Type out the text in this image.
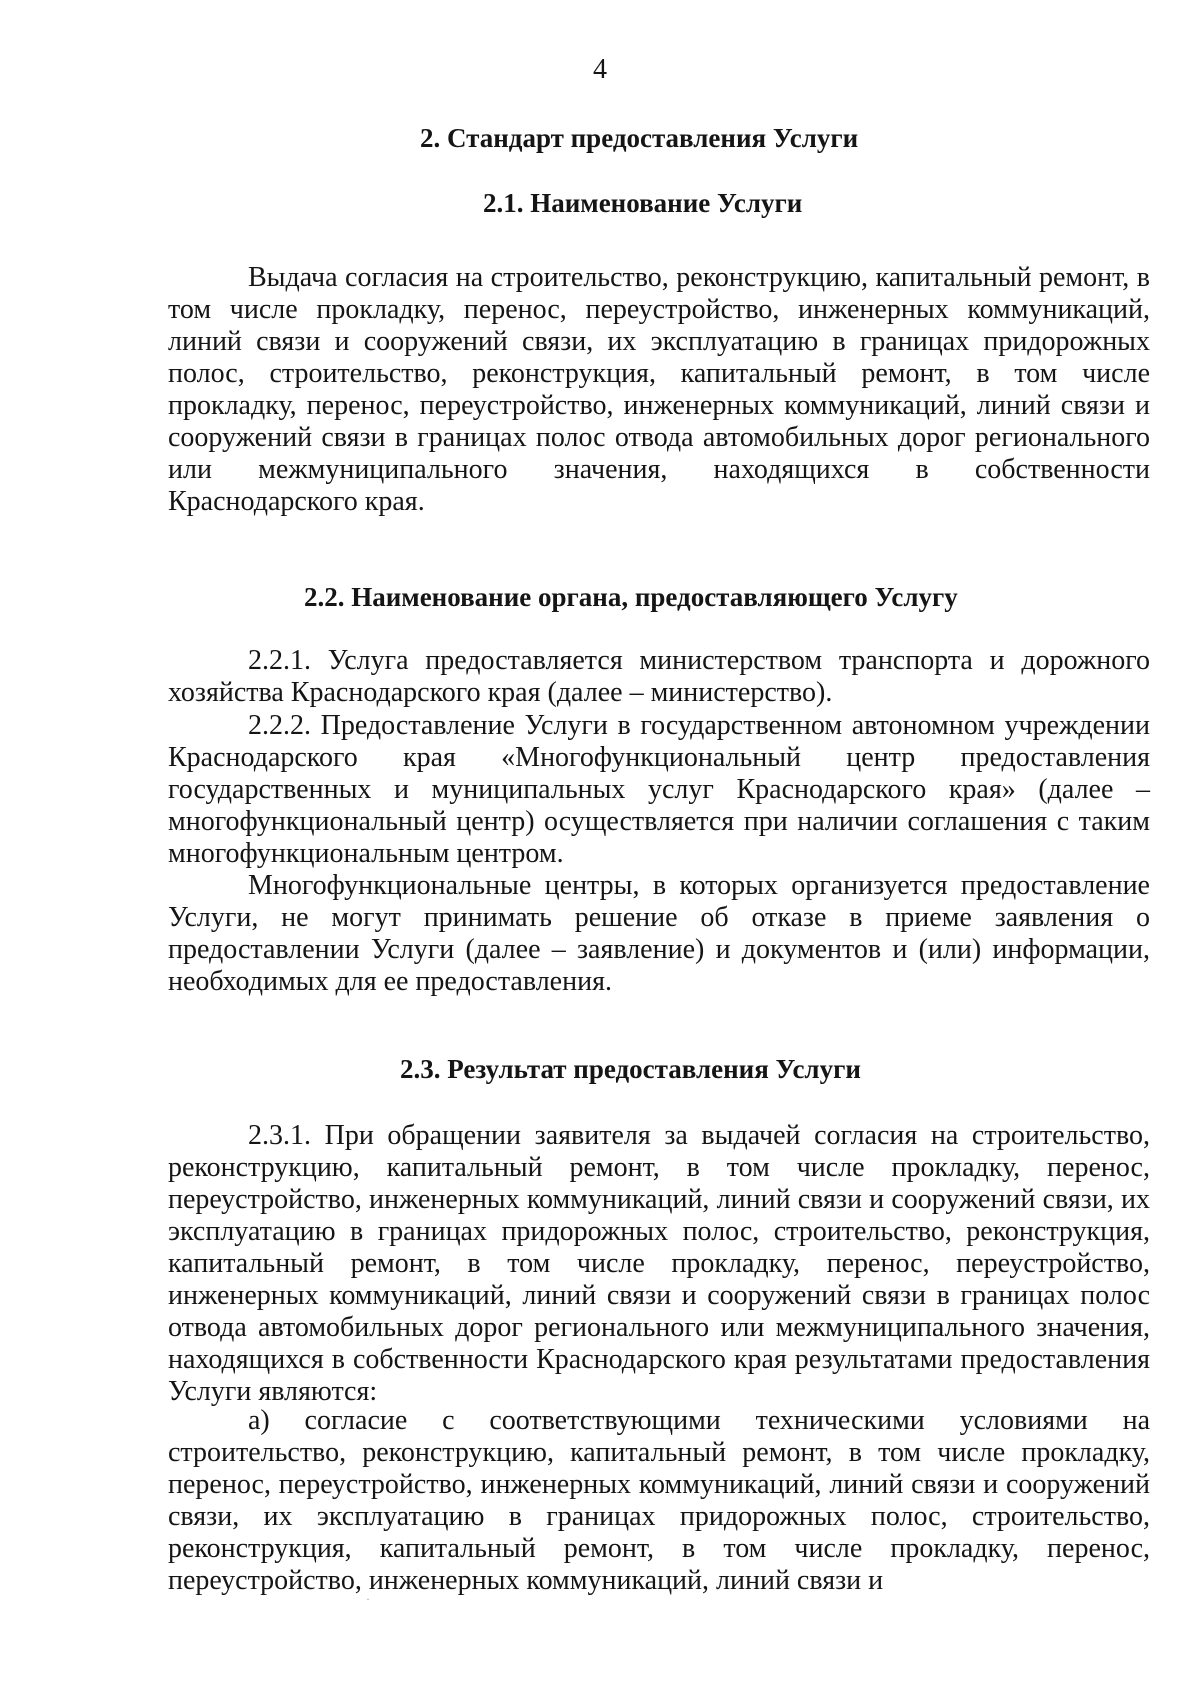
4
2. Стандарт предоставления Услуги
2.1. Наименование Услуги
Выдача согласия на строительство, реконструкцию, капитальный ремонт, в том числе прокладку, перенос, переустройство, инженерных коммуникаций, линий связи и сооружений связи, их эксплуатацию в границах придорожных полос, строительство, реконструкция, капитальный ремонт, в том числе прокладку, перенос, переустройство, инженерных коммуникаций, линий связи и сооружений связи в границах полос отвода автомобильных дорог регионального или межмуниципального значения, находящихся в собственности Краснодарского края.
2.2. Наименование органа, предоставляющего Услугу
2.2.1. Услуга предоставляется министерством транспорта и дорожного хозяйства Краснодарского края (далее – министерство).
2.2.2. Предоставление Услуги в государственном автономном учреждении Краснодарского края «Многофункциональный центр предоставления государственных и муниципальных услуг Краснодарского края» (далее – многофункциональный центр) осуществляется при наличии соглашения с таким многофункциональным центром.
Многофункциональные центры, в которых организуется предоставление Услуги, не могут принимать решение об отказе в приеме заявления о предоставлении Услуги (далее – заявление) и документов и (или) информации, необходимых для ее предоставления.
2.3. Результат предоставления Услуги
2.3.1. При обращении заявителя за выдачей согласия на строительство, реконструкцию, капитальный ремонт, в том числе прокладку, перенос, переустройство, инженерных коммуникаций, линий связи и сооружений связи, их эксплуатацию в границах придорожных полос, строительство, реконструкция, капитальный ремонт, в том числе прокладку, перенос, переустройство, инженерных коммуникаций, линий связи и сооружений связи в границах полос отвода автомобильных дорог регионального или межмуниципального значения, находящихся в собственности Краснодарского края результатами предоставления Услуги являются:
а) согласие с соответствующими техническими условиями на строительство, реконструкцию, капитальный ремонт, в том числе прокладку, перенос, переустройство, инженерных коммуникаций, линий связи и сооружений связи, их эксплуатацию в границах придорожных полос, строительство, реконструкция, капитальный ремонт, в том числе прокладку, перенос, переустройство, инженерных коммуникаций, линий связи и
·
